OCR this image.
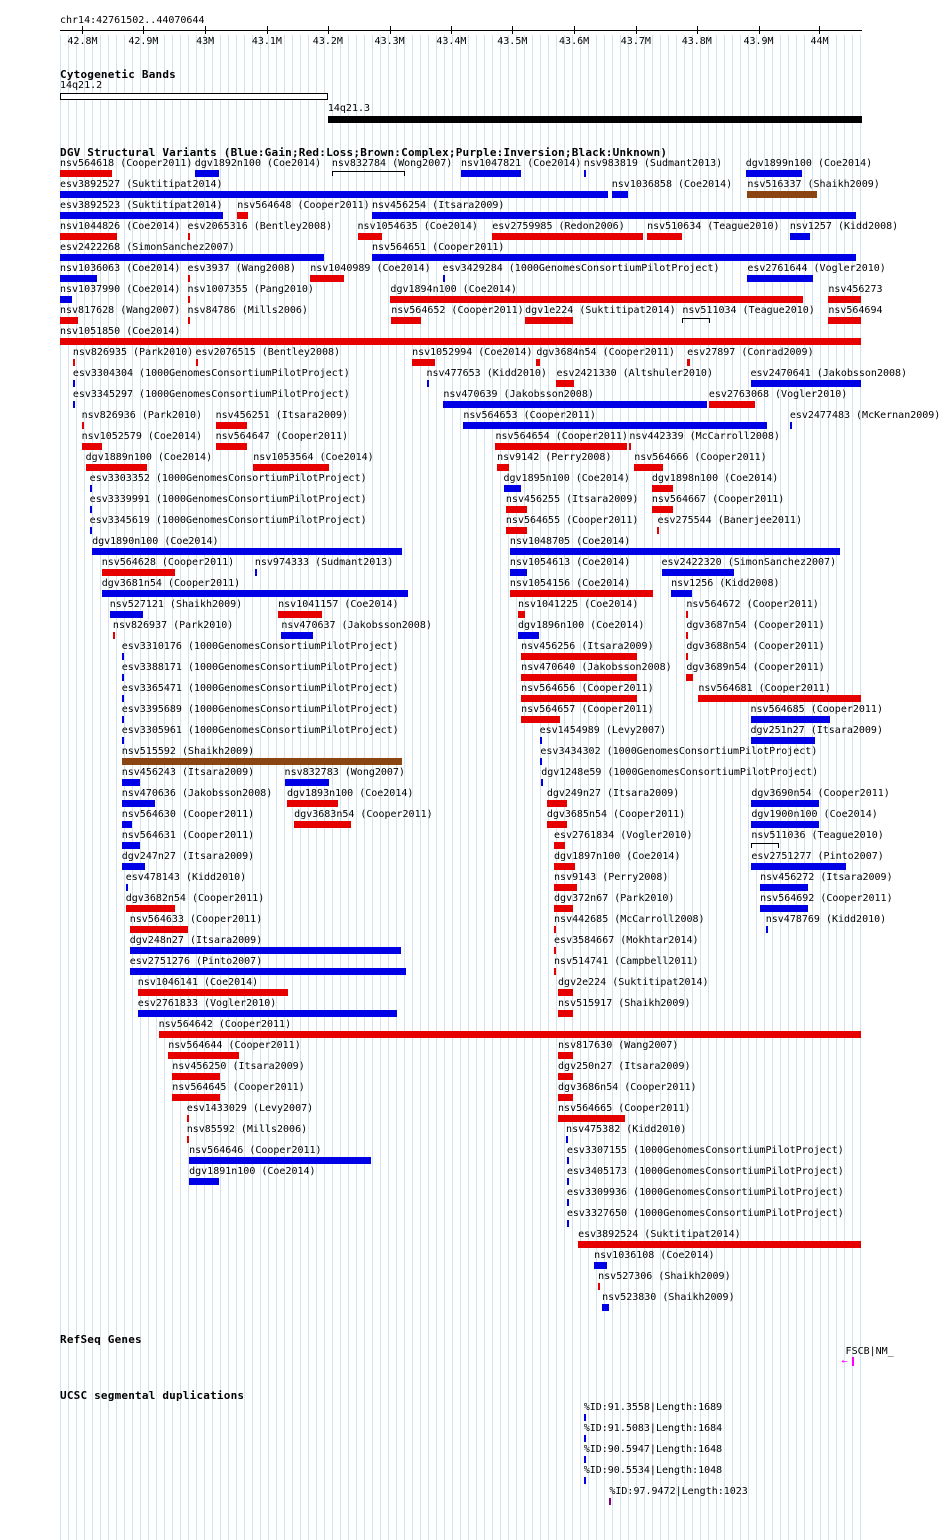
chr14:42761502..44070644
42.8M	42.9M	43M	43.1M	43.2M	43.3M	43.4M	43.5M	43.6M	43.7M	43.8M	43.9M	44M
Cytogenetic Bands
14q21.2
14q21.3
DGV Structural Variants (Blue:Gain;Red:Loss;Brown:Complex;Purple:Inversion;Black:Unknown)
nsv564618 (Cooper2011) dgv1892n100 (Coe2014) nsv832784 (Wong2007) nsv1047821 (Coe2014) nsv983819 (Sudmant2013) dgv1899n100 (Coe2014)
esv3892527 (Suktitipat2014)	nsv1036858 (Coe2014) nsv516337 (Shaikh2009)
esv3892523 (Suktitipat2014) nsv564648 (Cooper2011) nsv456254 (Itsara2009)
nsv1044826 (Coe2014) esv2065316 (Bentley2008)	nsv1054635 (Coe2014) esv2759985 (Redon2006) nsv510634 (Teague2010) nsv1257 (Kidd2008)
esv2422268 (SimonSanchez2007)	nsv564651 (Cooper2011)
nsv1036063 (Coe2014) esv3937 (Wang2008) nsv1040989 (Coe2014) esv3429284 (1000GenomesConsortiumPilotProject)	esv2761644 (Vogler2010)
nsv1037990 (Coe2014) nsv1007355 (Pang2010)	dgv1894n100 (Coe2014)	nsv456273
nsv817628 (Wang2007) nsv84786 (Mills2006)	nsv564652 (Cooper2011) dgv1e224 (Suktitipat2014) nsv511034 (Teague2010) nsv564694
nsv1051850 (Coe2014)
nsv826935 (Park2010) esv2076515 (Bentley2008)	nsv1052994 (Coe2014) dgv3684n54 (Cooper2011) esv27897 (Conrad2009)
esv3304304 (1000GenomesConsortiumPilotProject)	nsv477653 (Kidd2010) esv2421330 (Altshuler2010)	esv2470641 (Jakobsson2008)
esv3345297 (1000GenomesConsortiumPilotProject)	nsv470639 (Jakobsson2008)	esv2763068 (Vogler2010)
nsv826936 (Park2010) nsv456251 (Itsara2009)	nsv564653 (Cooper2011)	esv2477483 (McKernan2009)
nsv1052579 (Coe2014) nsv564647 (Cooper2011)	nsv564654 (Cooper2011) nsv442339 (McCarroll2008)
dgv1889n100 (Coe2014)	nsv1053564 (Coe2014)	nsv9142 (Perry2008) nsv564666 (Cooper2011)
esv3303352 (1000GenomesConsortiumPilotProject)	dgv1895n100 (Coe2014) dgv1898n100 (Coe2014)
esv3339991 (1000GenomesConsortiumPilotProject)	nsv456255 (Itsara2009) nsv564667 (Cooper2011)
esv3345619 (1000GenomesConsortiumPilotProject)	nsv564655 (Cooper2011) esv275544 (Banerjee2011)
dgv1890n100 (Coe2014)	nsv1048705 (Coe2014)
nsv564628 (Cooper2011) nsv974333 (Sudmant2013)	nsv1054613 (Coe2014)	esv2422320 (SimonSanchez2007)
dgv3681n54 (Cooper2011)	nsv1054156 (Coe2014)	nsv1256 (Kidd2008)
nsv527121 (Shaikh2009)	nsv1041157 (Coe2014)	nsv1041225 (Coe2014)	nsv564672 (Cooper2011)
nsv826937 (Park2010)	nsv470637 (Jakobsson2008)	dgv1896n100 (Coe2014)	dgv3687n54 (Cooper2011)
esv3310176 (1000GenomesConsortiumPilotProject)	nsv456256 (Itsara2009)	dgv3688n54 (Cooper2011)
esv3388171 (1000GenomesConsortiumPilotProject)	nsv470640 (Jakobsson2008) dgv3689n54 (Cooper2011)
esv3365471 (1000GenomesConsortiumPilotProject)	nsv564656 (Cooper2011)	nsv564681 (Cooper2011)
esv3395689 (1000GenomesConsortiumPilotProject)	nsv564657 (Cooper2011)	nsv564685 (Cooper2011)
esv3305961 (1000GenomesConsortiumPilotProject)	esv1454989 (Levy2007)	dgv251n27 (Itsara2009)
nsv515592 (Shaikh2009)	esv3434302 (1000GenomesConsortiumPilotProject)
nsv456243 (Itsara2009)	nsv832783 (Wong2007)	dgv1248e59 (1000GenomesConsortiumPilotProject)
nsv470636 (Jakobsson2008) dgv1893n100 (Coe2014)	dgv249n27 (Itsara2009)	dgv3690n54 (Cooper2011)
nsv564630 (Cooper2011)	dgv3683n54 (Cooper2011)	dgv3685n54 (Cooper2011)	dgv1900n100 (Coe2014)
nsv564631 (Cooper2011)	esv2761834 (Vogler2010)	nsv511036 (Teague2010)
dgv247n27 (Itsara2009)	dgv1897n100 (Coe2014)	esv2751277 (Pinto2007)
esv478143 (Kidd2010)	nsv9143 (Perry2008)	nsv456272 (Itsara2009)
dgv3682n54 (Cooper2011)	dgv372n67 (Park2010)	nsv564692 (Cooper2011)
nsv564633 (Cooper2011)	nsv442685 (McCarroll2008)	nsv478769 (Kidd2010)
dgv248n27 (Itsara2009)	esv3584667 (Mokhtar2014)
esv2751276 (Pinto2007)	nsv514741 (Campbell2011)
nsv1046141 (Coe2014)	dgv2e224 (Suktitipat2014)
esv2761833 (Vogler2010)	nsv515917 (Shaikh2009)
nsv564642 (Cooper2011)
nsv564644 (Cooper2011)	nsv817630 (Wang2007)
nsv456250 (Itsara2009)	dgv250n27 (Itsara2009)
nsv564645 (Cooper2011)	dgv3686n54 (Cooper2011)
esv1433029 (Levy2007)	nsv564665 (Cooper2011)
nsv85592 (Mills2006)	nsv475382 (Kidd2010)
nsv564646 (Cooper2011)	esv3307155 (1000GenomesConsortiumPilotProject)
dgv1891n100 (Coe2014)	esv3405173 (1000GenomesConsortiumPilotProject)
esv3309936 (1000GenomesConsortiumPilotProject)
esv3327650 (1000GenomesConsortiumPilotProject)
esv3892524 (Suktitipat2014)
nsv1036108 (Coe2014)
nsv527306 (Shaikh2009)
nsv523830 (Shaikh2009)
RefSeq Genes
FSCB|NM_
←
UCSC segmental duplications
%ID:91.3558|Length:1689
%ID:91.5083|Length:1684
%ID:90.5947|Length:1648
%ID:90.5534|Length:1048
%ID:97.9472|Length:1023
